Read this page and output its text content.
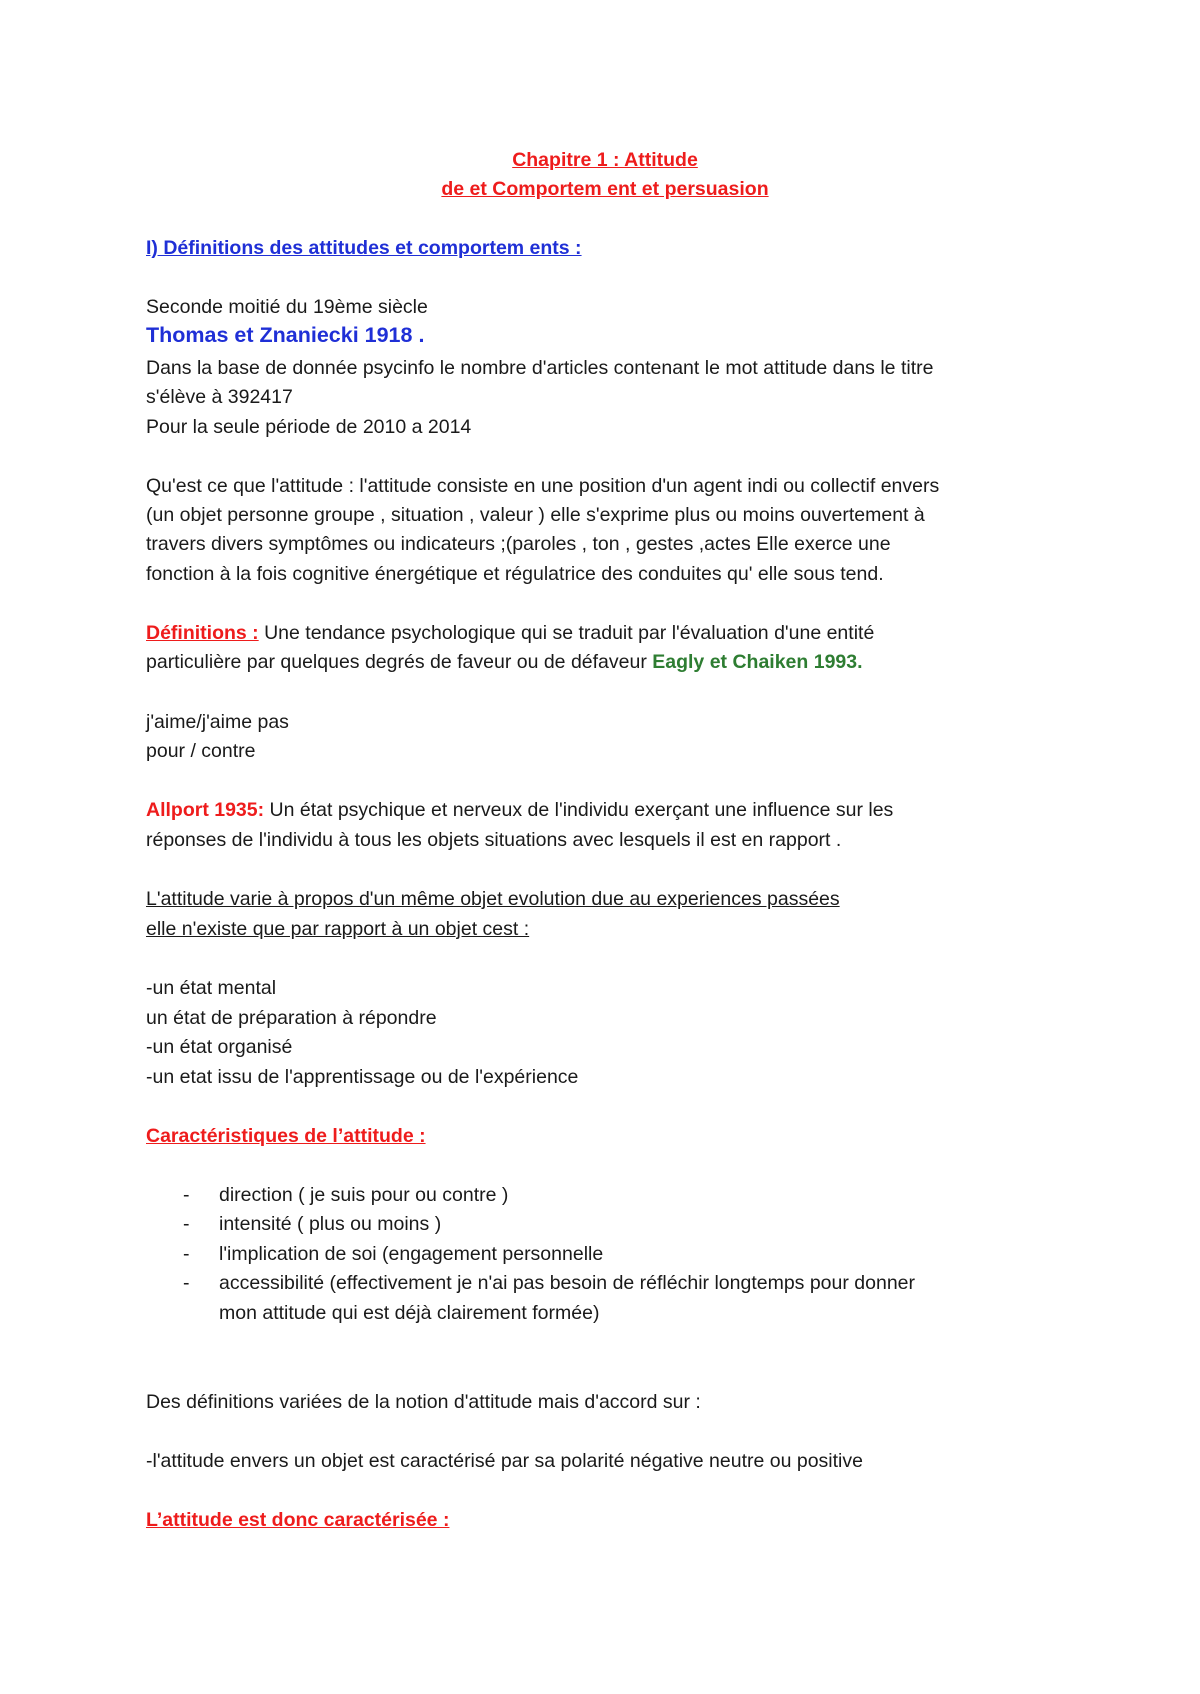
Chapitre 1 : Attitude

de et Comportem ent et persuasion

I) Définitions des attitudes et comportem ents :

Seconde moitié du 19ème siècle

Thomas et Znaniecki 1918 .

Dans la base de donnée psycinfo le nombre d'articles contenant le mot attitude dans le titre

s'élève à 392417

Pour la seule période de 2010 a 2014

Qu'est ce que l'attitude : l'attitude consiste en une position d'un agent indi ou collectif envers

(un objet personne groupe , situation , valeur ) elle s'exprime plus ou moins ouvertement à

travers divers symptômes ou indicateurs ;(paroles , ton , gestes ,actes Elle exerce une

fonction à la fois cognitive énergétique et régulatrice des conduites qu' elle sous tend.

Définitions : Une tendance psychologique qui se traduit par l'évaluation d'une entité

particulière par quelques degrés de faveur ou de défaveur Eagly et Chaiken 1993.

j'aime/j'aime pas

pour / contre

Allport 1935: Un état psychique et nerveux de l'individu exerçant une influence sur les

réponses de l'individu à tous les objets situations avec lesquels il est en rapport .

L'attitude varie à propos d'un même objet evolution due au experiences passées

elle n'existe que par rapport à un objet cest :

-un état mental

un état de préparation à répondre

-un état organisé

-un etat issu de l'apprentissage ou de l'expérience

Caractéristiques de l’attitude :

- direction ( je suis pour ou contre )
- intensité ( plus ou moins )
- l'implication de soi (engagement personnelle
- accessibilité (effectivement je n'ai pas besoin de réfléchir longtemps pour donner
mon attitude qui est déjà clairement formée)

Des définitions variées de la notion d'attitude mais d'accord sur :

-l'attitude envers un objet est caractérisé par sa polarité négative neutre ou positive

L’attitude est donc caractérisée :
